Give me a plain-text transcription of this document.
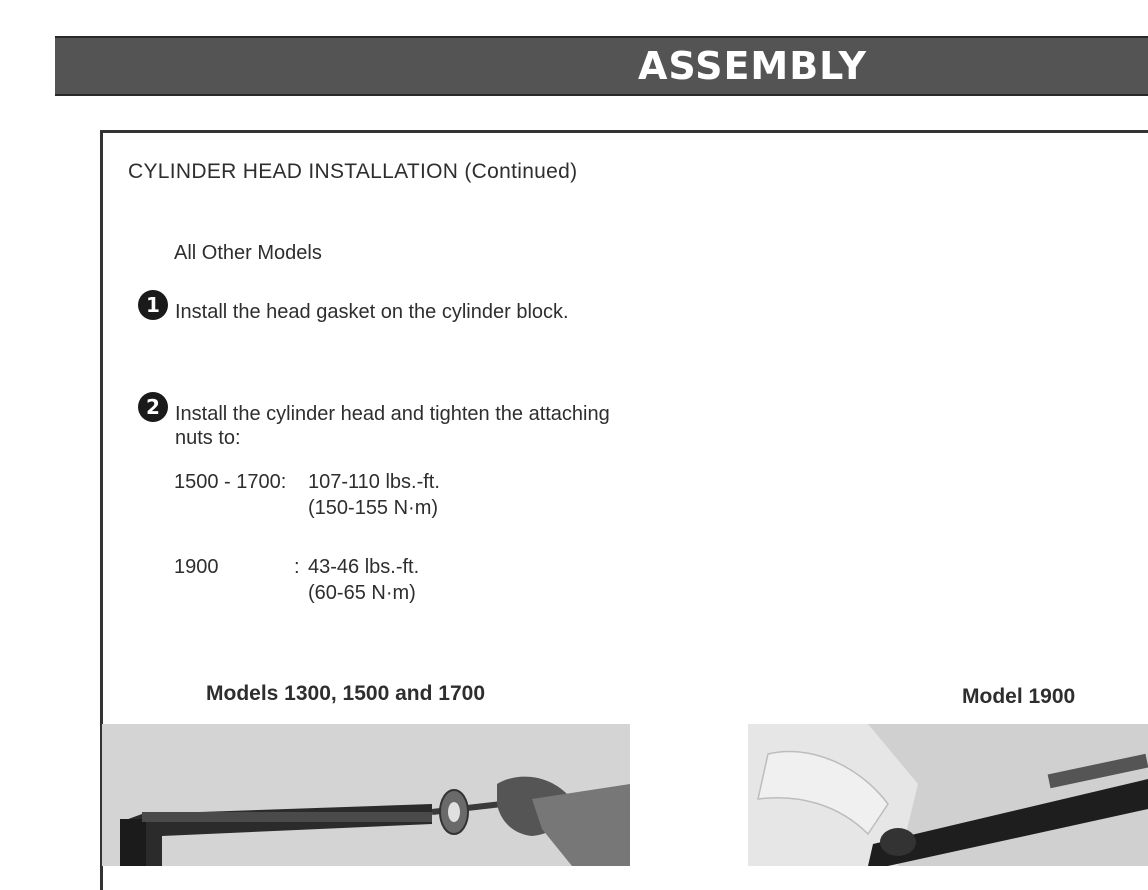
ASSEMBLY
CYLINDER HEAD INSTALLATION (Continued)
All Other Models
1 Install the head gasket on the cylinder block.
2 Install the cylinder head and tighten the attaching nuts to:
1500 - 1700: 107-110 lbs.-ft.
(150-155 N·m)
1900	: 43-46 lbs.-ft.
(60-65 N·m)
Models 1300, 1500 and 1700	Model 1900
